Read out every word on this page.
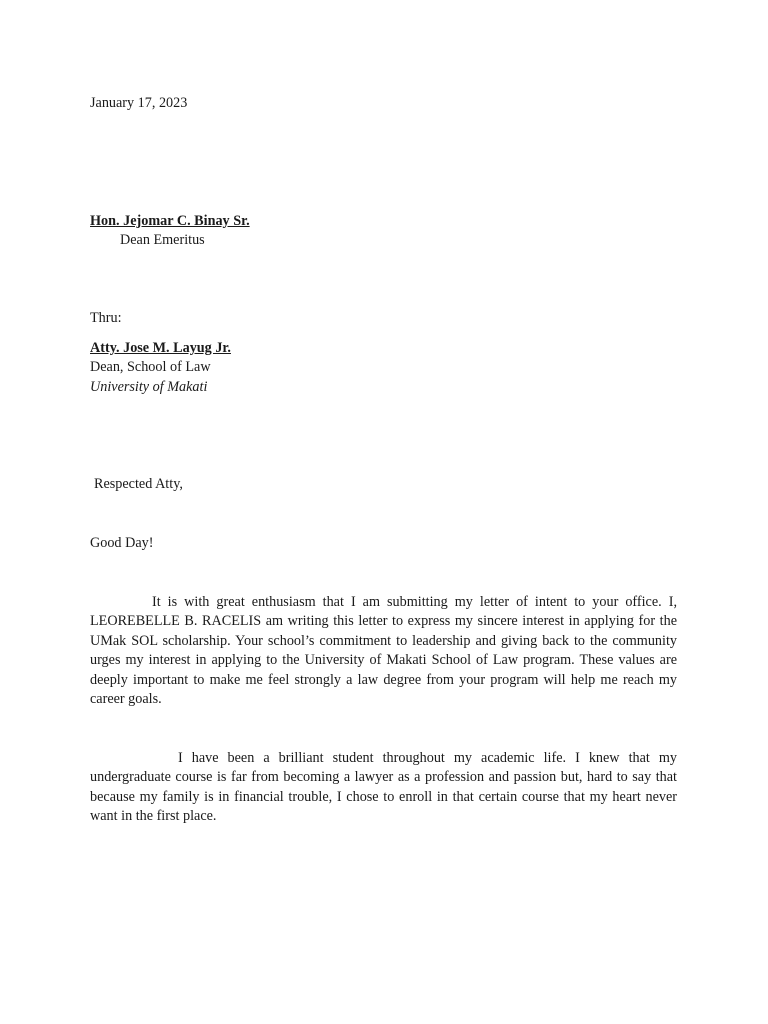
January 17, 2023
Hon. Jejomar C. Binay Sr.
Dean Emeritus
Thru:
Atty. Jose M. Layug Jr.
Dean, School of Law
University of Makati
Respected Atty,
Good Day!
It is with great enthusiasm that I am submitting my letter of intent to your office. I, LEOREBELLE B. RACELIS am writing this letter to express my sincere interest in applying for the UMak SOL scholarship. Your school’s commitment to leadership and giving back to the community urges my interest in applying to the University of Makati School of Law program. These values are deeply important to make me feel strongly a law degree from your program will help me reach my career goals.
I have been a brilliant student throughout my academic life. I knew that my undergraduate course is far from becoming a lawyer as a profession and passion but, hard to say that because my family is in financial trouble, I chose to enroll in that certain course that my heart never want in the first place.
